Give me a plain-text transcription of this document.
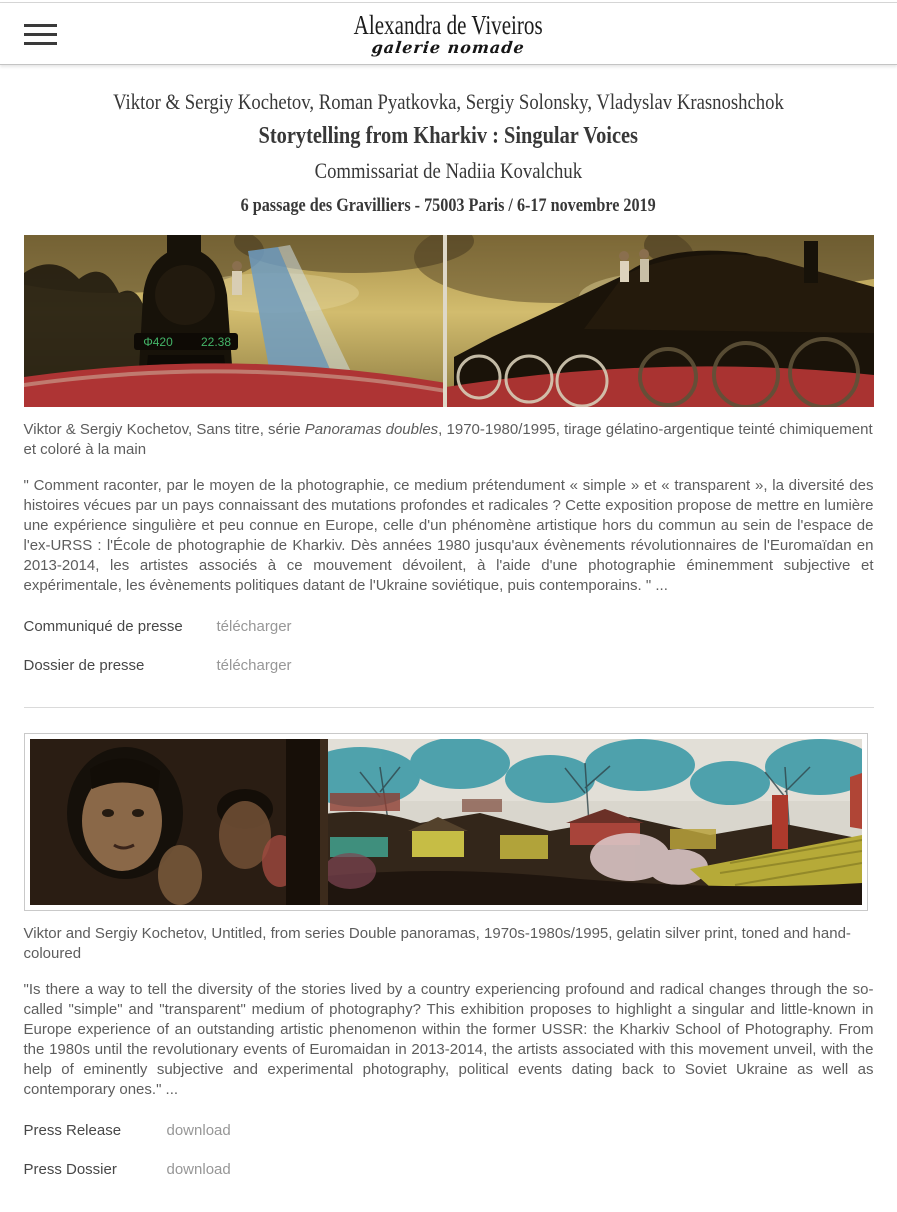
Alexandra de Viveiros
galerie nomade
Viktor & Sergiy Kochetov, Roman Pyatkovka, Sergiy Solonsky, Vladyslav Krasnoshchok
Storytelling from Kharkiv : Singular Voices
Commissariat de Nadiia Kovalchuk
6 passage des Gravilliers - 75003 Paris / 6-17 novembre 2019
Φ420 22.38

Viktor & Sergiy Kochetov, Sans titre, série Panoramas doubles, 1970-1980/1995, tirage gélatino-argentique teinté chimiquement et coloré à la main

" Comment raconter, par le moyen de la photographie, ce medium prétendument « simple » et « transparent », la diversité des histoires vécues par un pays connaissant des mutations profondes et radicales ? Cette exposition propose de mettre en lumière une expérience singulière et peu connue en Europe, celle d'un phénomène artistique hors du commun au sein de l'espace de l'ex-URSS : l'École de photographie de Kharkiv. Dès années 1980 jusqu'aux évènements révolutionnaires de l'Euromaïdan en 2013-2014, les artistes associés à ce mouvement dévoilent, à l'aide d'une photographie éminemment subjective et expérimentale, les évènements politiques datant de l'Ukraine soviétique, puis contemporains. " ...

Communiqué de presse	télécharger
Dossier de presse	télécharger

Viktor and Sergiy Kochetov, Untitled, from series Double panoramas, 1970s-1980s/1995, gelatin silver print, toned and hand-coloured

"Is there a way to tell the diversity of the stories lived by a country experiencing profound and radical changes through the so-called "simple" and "transparent" medium of photography? This exhibition proposes to highlight a singular and little-known in Europe experience of an outstanding artistic phenomenon within the former USSR: the Kharkiv School of Photography. From the 1980s until the revolutionary events of Euromaidan in 2013-2014, the artists associated with this movement unveil, with the help of eminently subjective and experimental photography, political events dating back to Soviet Ukraine as well as contemporary ones." ...

Press Release	download
Press Dossier	download
